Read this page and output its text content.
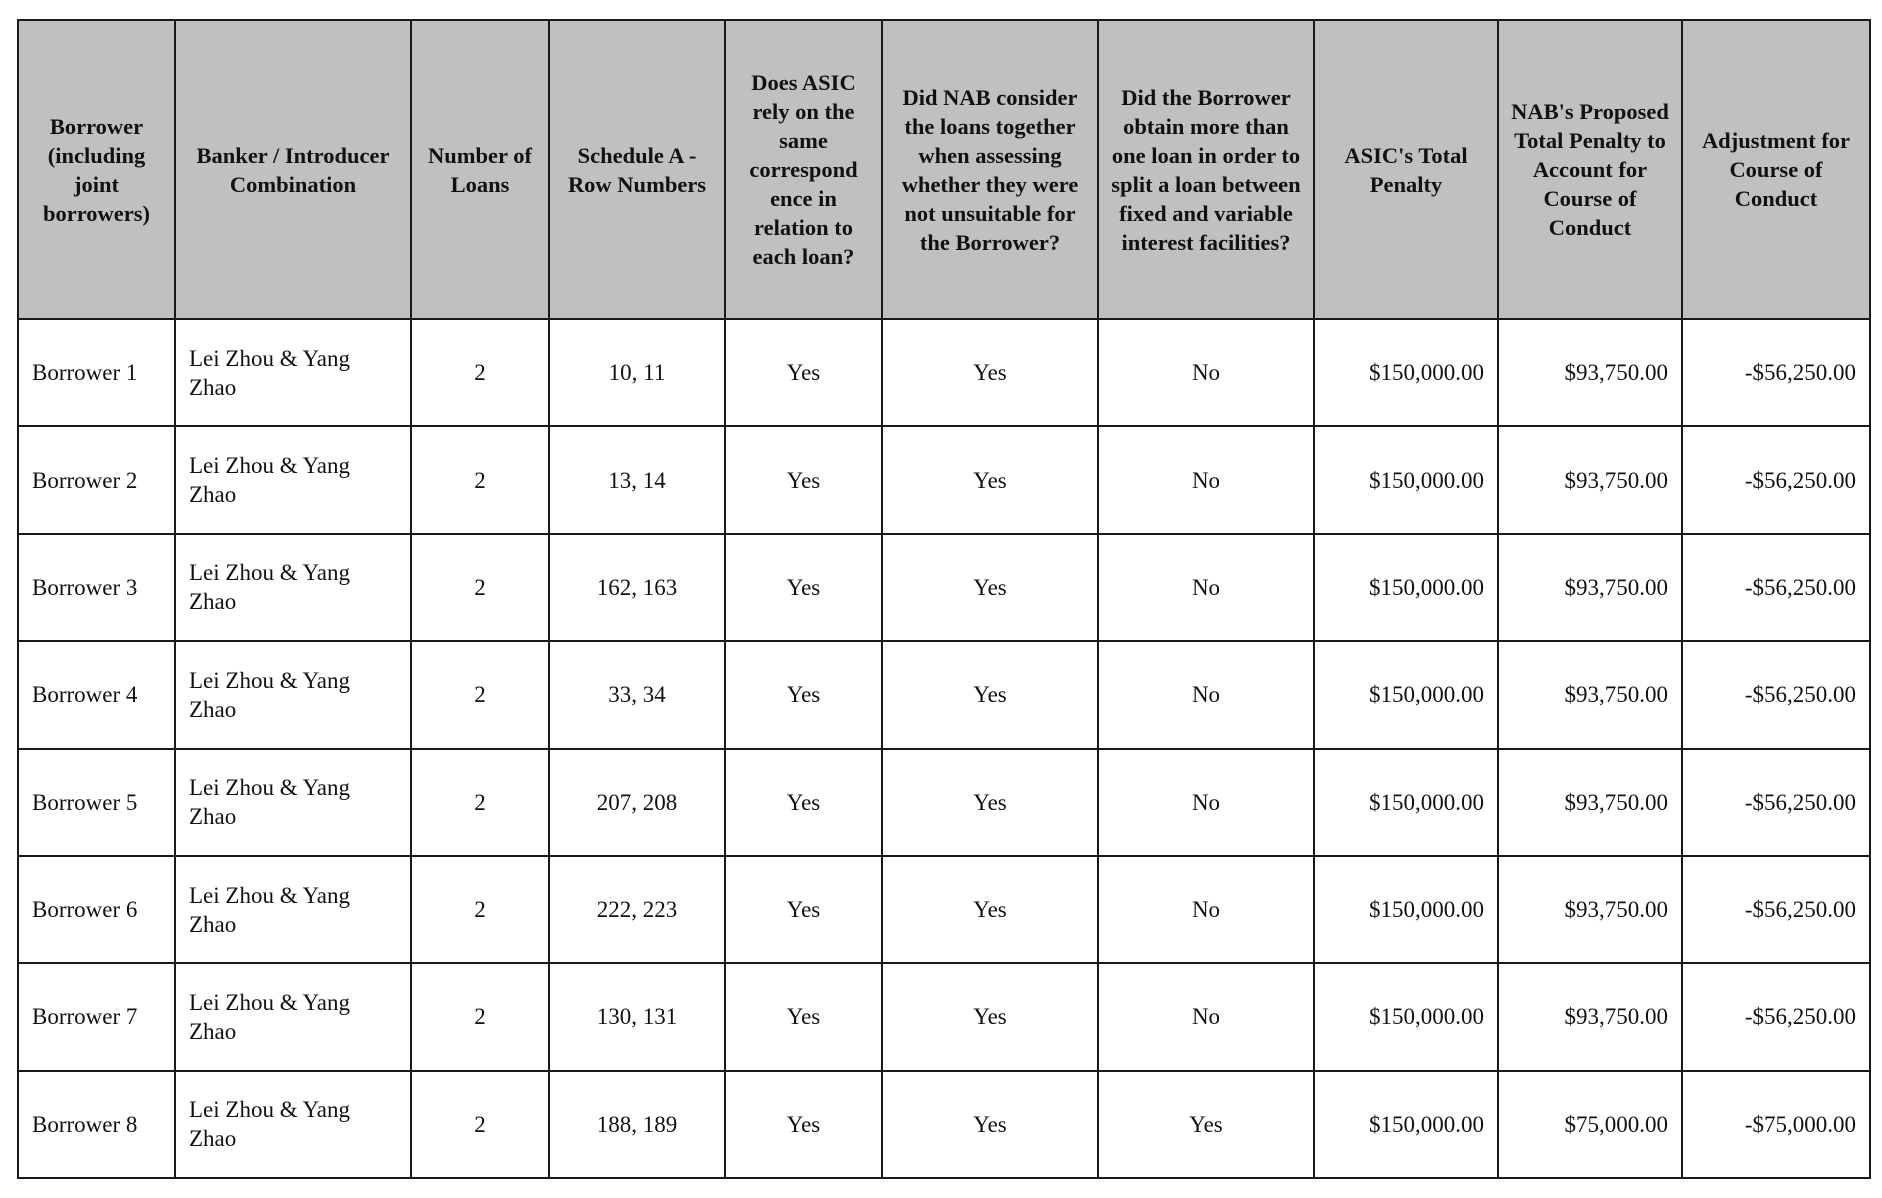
Borrower (including joint borrowers)	Banker / Introducer Combination	Number of Loans	Schedule A - Row Numbers	Does ASIC rely on the same correspond ence in relation to each loan?	Did NAB consider the loans together when assessing whether they were not unsuitable for the Borrower?	Did the Borrower obtain more than one loan in order to split a loan between fixed and variable interest facilities?	ASIC's Total Penalty	NAB's Proposed Total Penalty to Account for Course of Conduct	Adjustment for Course of Conduct
Borrower 1	Lei Zhou & Yang Zhao	2	10, 11	Yes	Yes	No	$150,000.00	$93,750.00	-$56,250.00
Borrower 2	Lei Zhou & Yang Zhao	2	13, 14	Yes	Yes	No	$150,000.00	$93,750.00	-$56,250.00
Borrower 3	Lei Zhou & Yang Zhao	2	162, 163	Yes	Yes	No	$150,000.00	$93,750.00	-$56,250.00
Borrower 4	Lei Zhou & Yang Zhao	2	33, 34	Yes	Yes	No	$150,000.00	$93,750.00	-$56,250.00
Borrower 5	Lei Zhou & Yang Zhao	2	207, 208	Yes	Yes	No	$150,000.00	$93,750.00	-$56,250.00
Borrower 6	Lei Zhou & Yang Zhao	2	222, 223	Yes	Yes	No	$150,000.00	$93,750.00	-$56,250.00
Borrower 7	Lei Zhou & Yang Zhao	2	130, 131	Yes	Yes	No	$150,000.00	$93,750.00	-$56,250.00
Borrower 8	Lei Zhou & Yang Zhao	2	188, 189	Yes	Yes	Yes	$150,000.00	$75,000.00	-$75,000.00
